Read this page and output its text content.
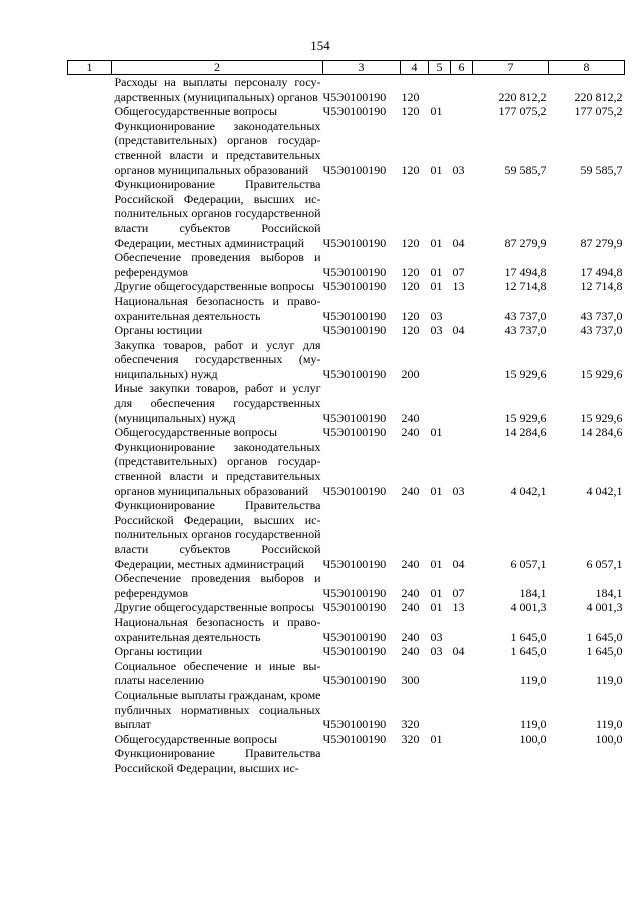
154
1	2	3	4	5	6	7	8
	Расходы на выплаты персоналу государственных (муниципальных) органов	Ч5Э0100190	120			220 812,2	220 812,2
	Общегосударственные вопросы	Ч5Э0100190	120	01		177 075,2	177 075,2
	Функционирование законодательных (представительных) органов государственной власти и представительных органов муниципальных образований	Ч5Э0100190	120	01	03	59 585,7	59 585,7
	Функционирование Правительства Российской Федерации, высших исполнительных органов государственной власти субъектов Российской Федерации, местных администраций	Ч5Э0100190	120	01	04	87 279,9	87 279,9
	Обеспечение проведения выборов и референдумов	Ч5Э0100190	120	01	07	17 494,8	17 494,8
	Другие общегосударственные вопросы	Ч5Э0100190	120	01	13	12 714,8	12 714,8
	Национальная безопасность и правоохранительная деятельность	Ч5Э0100190	120	03		43 737,0	43 737,0
	Органы юстиции	Ч5Э0100190	120	03	04	43 737,0	43 737,0
	Закупка товаров, работ и услуг для обеспечения государственных (муниципальных) нужд	Ч5Э0100190	200			15 929,6	15 929,6
	Иные закупки товаров, работ и услуг для обеспечения государственных (муниципальных) нужд	Ч5Э0100190	240			15 929,6	15 929,6
	Общегосударственные вопросы	Ч5Э0100190	240	01		14 284,6	14 284,6
	Функционирование законодательных (представительных) органов государственной власти и представительных органов муниципальных образований	Ч5Э0100190	240	01	03	4 042,1	4 042,1
	Функционирование Правительства Российской Федерации, высших исполнительных органов государственной власти субъектов Российской Федерации, местных администраций	Ч5Э0100190	240	01	04	6 057,1	6 057,1
	Обеспечение проведения выборов и референдумов	Ч5Э0100190	240	01	07	184,1	184,1
	Другие общегосударственные вопросы	Ч5Э0100190	240	01	13	4 001,3	4 001,3
	Национальная безопасность и правоохранительная деятельность	Ч5Э0100190	240	03		1 645,0	1 645,0
	Органы юстиции	Ч5Э0100190	240	03	04	1 645,0	1 645,0
	Социальное обеспечение и иные выплаты населению	Ч5Э0100190	300			119,0	119,0
	Социальные выплаты гражданам, кроме публичных нормативных социальных выплат	Ч5Э0100190	320			119,0	119,0
	Общегосударственные вопросы	Ч5Э0100190	320	01		100,0	100,0
	Функционирование Правительства Российской Федерации, высших ис-						
